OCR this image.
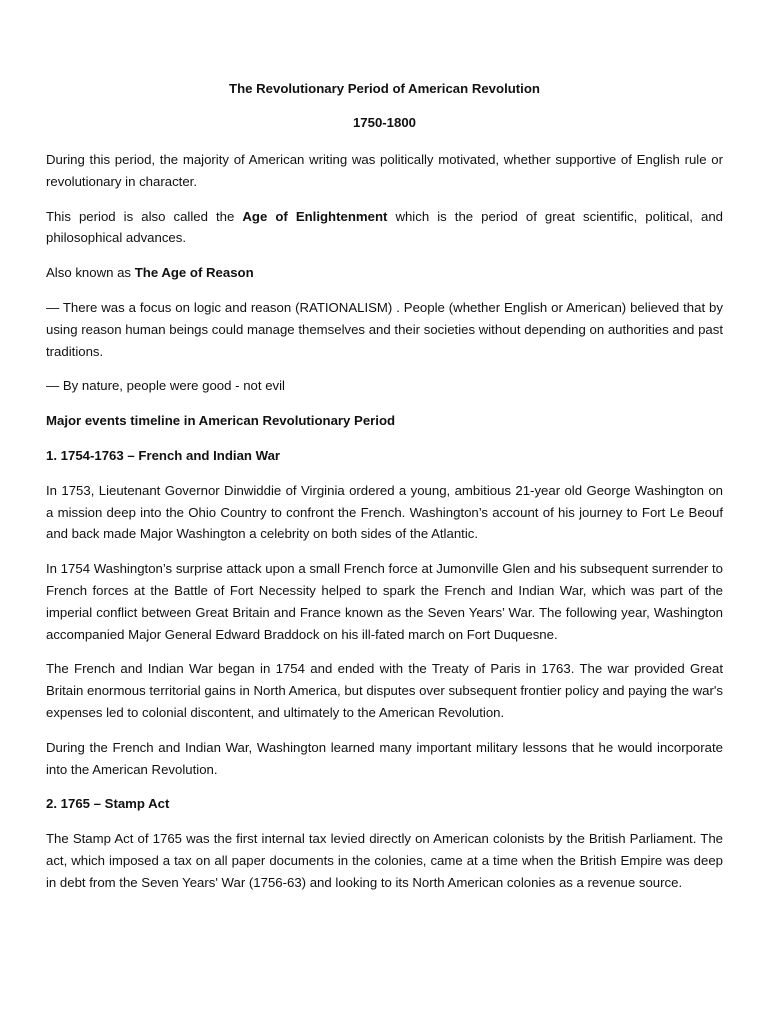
The Revolutionary Period of American Revolution
1750-1800

During this period, the majority of American writing was politically motivated, whether supportive of English rule or revolutionary in character.

This period is also called the Age of Enlightenment which is the period of great scientific, political, and philosophical advances.

Also known as The Age of Reason

— There was a focus on logic and reason (RATIONALISM) . People (whether English or American) believed that by using reason human beings could manage themselves and their societies without depending on authorities and past traditions.

— By nature, people were good - not evil

Major events timeline in American Revolutionary Period
1. 1754-1763 – French and Indian War

In 1753, Lieutenant Governor Dinwiddie of Virginia ordered a young, ambitious 21-year old George Washington on a mission deep into the Ohio Country to confront the French. Washington’s account of his journey to Fort Le Beouf and back made Major Washington a celebrity on both sides of the Atlantic.

In 1754 Washington’s surprise attack upon a small French force at Jumonville Glen and his subsequent surrender to French forces at the Battle of Fort Necessity helped to spark the French and Indian War, which was part of the imperial conflict between Great Britain and France known as the Seven Years’ War. The following year, Washington accompanied Major General Edward Braddock on his ill-fated march on Fort Duquesne.

The French and Indian War began in 1754 and ended with the Treaty of Paris in 1763. The war provided Great Britain enormous territorial gains in North America, but disputes over subsequent frontier policy and paying the war's expenses led to colonial discontent, and ultimately to the American Revolution.

During the French and Indian War, Washington learned many important military lessons that he would incorporate into the American Revolution.

2. 1765 – Stamp Act

The Stamp Act of 1765 was the first internal tax levied directly on American colonists by the British Parliament. The act, which imposed a tax on all paper documents in the colonies, came at a time when the British Empire was deep in debt from the Seven Years' War (1756-63) and looking to its North American colonies as a revenue source.
